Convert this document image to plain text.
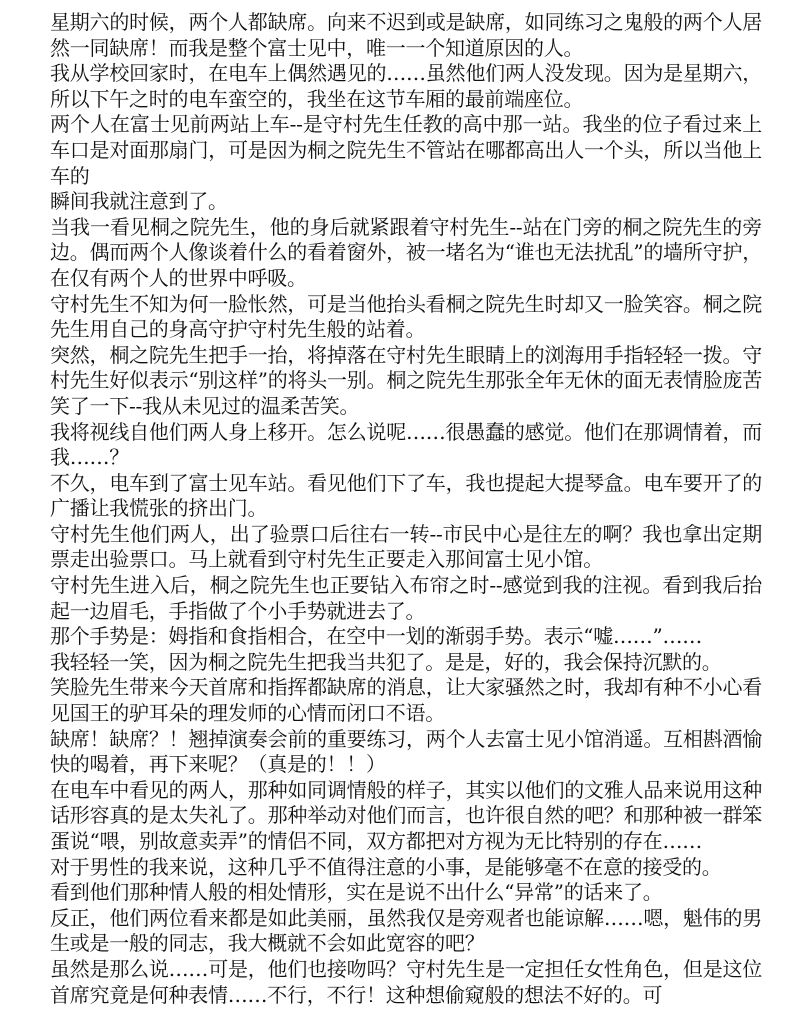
星期六的时候，两个人都缺席。向来不迟到或是缺席，如同练习之鬼般的两个人居然一同缺席！而我是整个富士见中，唯一一个知道原因的人。

我从学校回家时，在电车上偶然遇见的……虽然他们两人没发现。因为是星期六，所以下午之时的电车蛮空的，我坐在这节车厢的最前端座位。

两个人在富士见前两站上车--是守村先生任教的高中那一站。我坐的位子看过来上车口是对面那扇门，可是因为桐之院先生不管站在哪都高出人一个头，所以当他上车的

瞬间我就注意到了。

当我一看见桐之院先生，他的身后就紧跟着守村先生--站在门旁的桐之院先生的旁边。偶而两个人像谈着什么的看着窗外，被一堵名为“谁也无法扰乱”的墙所守护，在仅有两个人的世界中呼吸。

守村先生不知为何一脸怅然，可是当他抬头看桐之院先生时却又一脸笑容。桐之院先生用自己的身高守护守村先生般的站着。

突然，桐之院先生把手一抬，将掉落在守村先生眼睛上的浏海用手指轻轻一拨。守村先生好似表示“别这样”的将头一别。桐之院先生那张全年无休的面无表情脸庞苦笑了一下--我从未见过的温柔苦笑。

我将视线自他们两人身上移开。怎么说呢……很愚蠢的感觉。他们在那调情着，而我……？

不久，电车到了富士见车站。看见他们下了车，我也提起大提琴盒。电车要开了的广播让我慌张的挤出门。

守村先生他们两人，出了验票口后往右一转--市民中心是往左的啊？我也拿出定期票走出验票口。马上就看到守村先生正要走入那间富士见小馆。

守村先生进入后，桐之院先生也正要钻入布帘之时--感觉到我的注视。看到我后抬起一边眉毛，手指做了个小手势就进去了。

那个手势是：姆指和食指相合，在空中一划的渐弱手势。表示“嘘……”……

我轻轻一笑，因为桐之院先生把我当共犯了。是是，好的，我会保持沉默的。

笑脸先生带来今天首席和指挥都缺席的消息，让大家骚然之时，我却有种不小心看见国王的驴耳朵的理发师的心情而闭口不语。

缺席！缺席？！翘掉演奏会前的重要练习，两个人去富士见小馆消遥。互相斟酒愉快的喝着，再下来呢？（真是的！！）

在电车中看见的两人，那种如同调情般的样子，其实以他们的文雅人品来说用这种话形容真的是太失礼了。那种举动对他们而言，也许很自然的吧？和那种被一群笨蛋说“喂，别故意卖弄”的情侣不同，双方都把对方视为无比特别的存在……

对于男性的我来说，这种几乎不值得注意的小事，是能够毫不在意的接受的。

看到他们那种情人般的相处情形，实在是说不出什么“异常”的话来了。

反正，他们两位看来都是如此美丽，虽然我仅是旁观者也能谅解……嗯，魁伟的男生或是一般的同志，我大概就不会如此宽容的吧？

虽然是那么说……可是，他们也接吻吗？守村先生是一定担任女性角色，但是这位首席究竟是何种表情……不行，不行！这种想偷窥般的想法不好的。可
